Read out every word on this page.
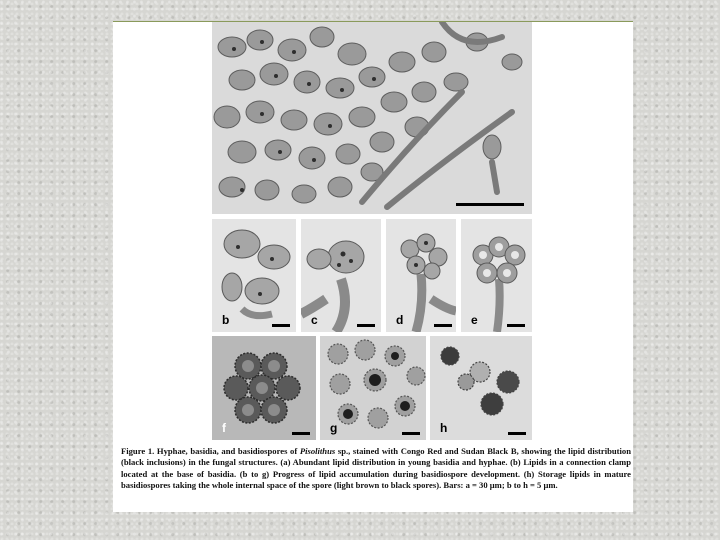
b	c	d	e
f	g	h
Figure 1. Hyphae, basidia, and basidiospores of Pisolithus sp., stained with Congo Red and Sudan Black B, showing the lipid distribution (black inclusions) in the fungal structures. (a) Abundant lipid distribution in young basidia and hyphae. (b) Lipids in a connection clamp located at the base of basidia. (b to g) Progress of lipid accumulation during basidiospore development. (h) Storage lipids in mature basidiospores taking the whole internal space of the spore (light brown to black spores). Bars: a = 30 μm; b to h = 5 μm.
